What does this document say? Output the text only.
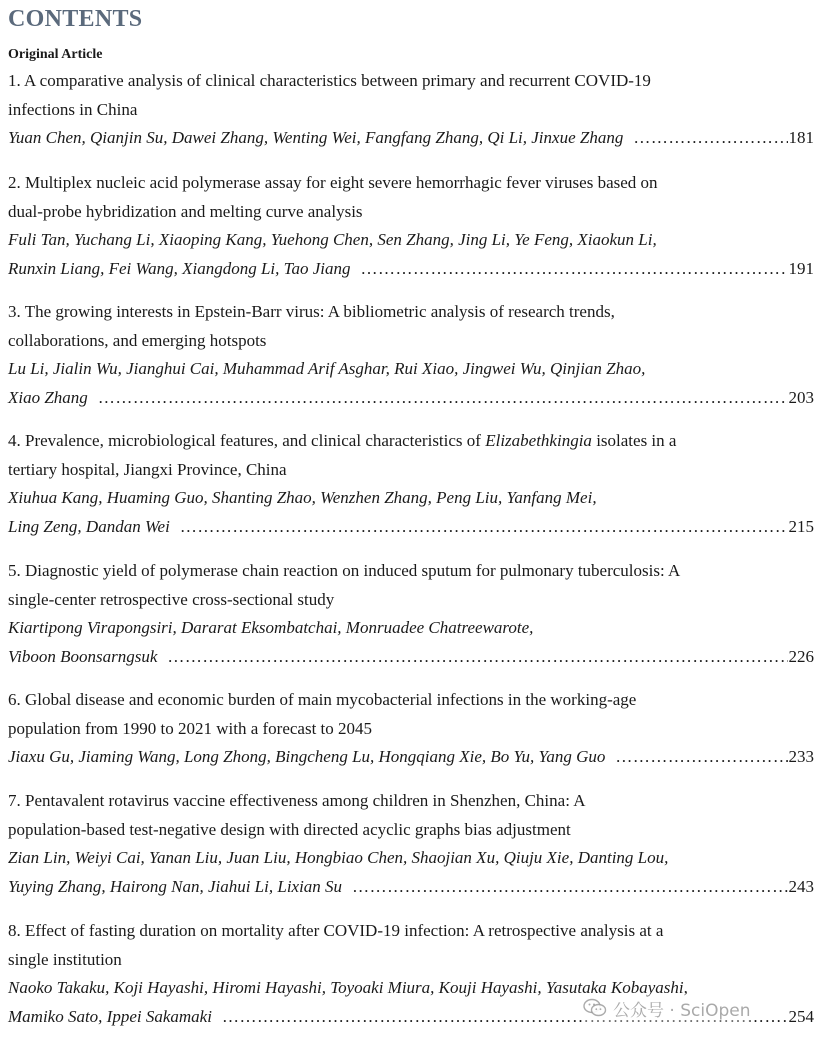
CONTENTS
Original Article
1. A comparative analysis of clinical characteristics between primary and recurrent COVID-19
infections in China
Yuan Chen, Qianjin Su, Dawei Zhang, Wenting Wei, Fangfang Zhang, Qi Li, Jinxue Zhang ………………………………………………………………………………………………………………………………………………………………………………………	181
2. Multiplex nucleic acid polymerase assay for eight severe hemorrhagic fever viruses based on
dual-probe hybridization and melting curve analysis
Fuli Tan, Yuchang Li, Xiaoping Kang, Yuehong Chen, Sen Zhang, Jing Li, Ye Feng, Xiaokun Li,
Runxin Liang, Fei Wang, Xiangdong Li, Tao Jiang ………………………………………………………………………………………………………………………………………………………………………………………	191
3. The growing interests in Epstein-Barr virus: A bibliometric analysis of research trends,
collaborations, and emerging hotspots
Lu Li, Jialin Wu, Jianghui Cai, Muhammad Arif Asghar, Rui Xiao, Jingwei Wu, Qinjian Zhao,
Xiao Zhang ………………………………………………………………………………………………………………………………………………………………………………………	203
4. Prevalence, microbiological features, and clinical characteristics of Elizabethkingia isolates in a
tertiary hospital, Jiangxi Province, China
Xiuhua Kang, Huaming Guo, Shanting Zhao, Wenzhen Zhang, Peng Liu, Yanfang Mei,
Ling Zeng, Dandan Wei ………………………………………………………………………………………………………………………………………………………………………………………	215
5. Diagnostic yield of polymerase chain reaction on induced sputum for pulmonary tuberculosis: A
single-center retrospective cross-sectional study
Kiartipong Virapongsiri, Dararat Eksombatchai, Monruadee Chatreewarote,
Viboon Boonsarngsuk ………………………………………………………………………………………………………………………………………………………………………………………	226
6. Global disease and economic burden of main mycobacterial infections in the working-age
population from 1990 to 2021 with a forecast to 2045
Jiaxu Gu, Jiaming Wang, Long Zhong, Bingcheng Lu, Hongqiang Xie, Bo Yu, Yang Guo ………………………………………………………………………………………………………………………………………………………………………………………	233
7. Pentavalent rotavirus vaccine effectiveness among children in Shenzhen, China: A
population-based test-negative design with directed acyclic graphs bias adjustment
Zian Lin, Weiyi Cai, Yanan Liu, Juan Liu, Hongbiao Chen, Shaojian Xu, Qiuju Xie, Danting Lou,
Yuying Zhang, Hairong Nan, Jiahui Li, Lixian Su ………………………………………………………………………………………………………………………………………………………………………………………	243
8. Effect of fasting duration on mortality after COVID-19 infection: A retrospective analysis at a
single institution
Naoko Takaku, Koji Hayashi, Hiromi Hayashi, Toyoaki Miura, Kouji Hayashi, Yasutaka Kobayashi,
Mamiko Sato, Ippei Sakamaki ………………………………………………………………………………………………………………………………………………………………………………………	254
公众号 · SciOpen
